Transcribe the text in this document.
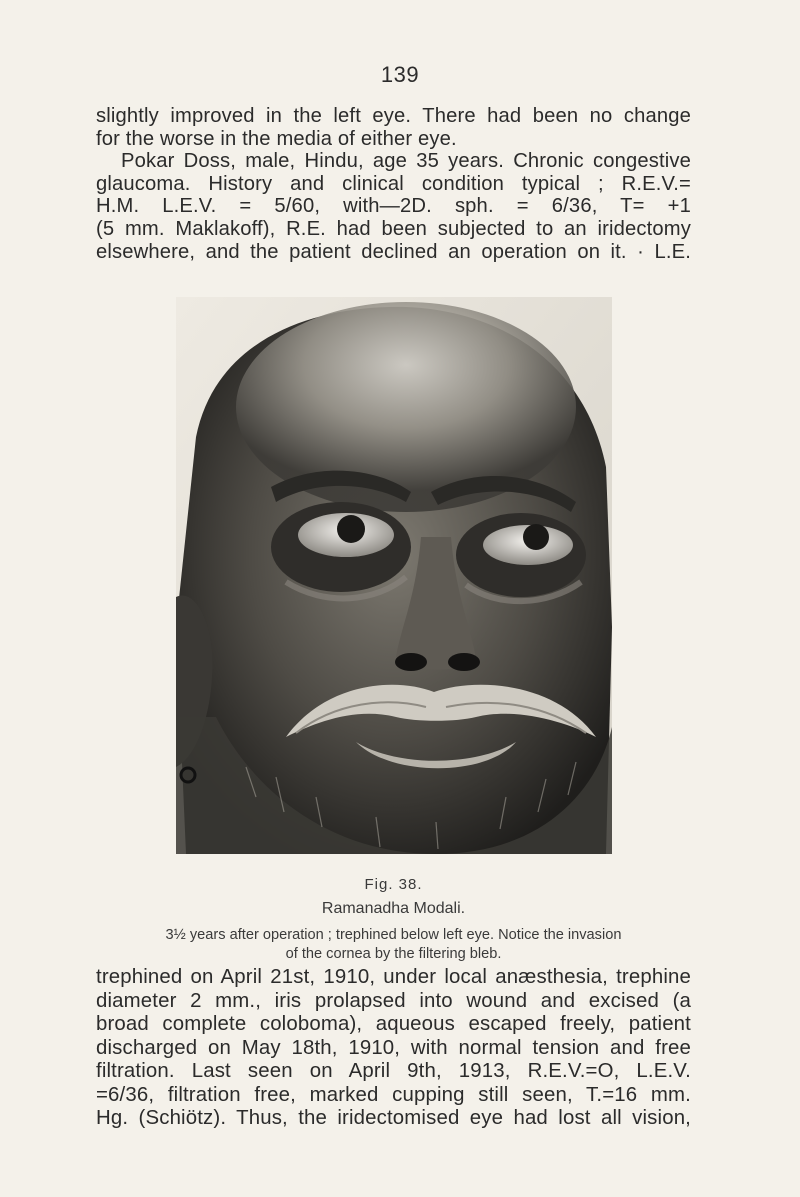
139

slightly improved in the left eye. There had been no change
for the worse in the media of either eye.
Pokar Doss, male, Hindu, age 35 years. Chronic congestive
glaucoma. History and clinical condition typical ; R.E.V.=
H.M. L.E.V. = 5/60, with—2D. sph. = 6/36, T= +1
(5 mm. Maklakoff), R.E. had been subjected to an iridectomy
elsewhere, and the patient declined an operation on it. · L.E.

Fig. 38.
Ramanadha Modali.
3½ years after operation ; trephined below left eye. Notice the invasion
of the cornea by the filtering bleb.

trephined on April 21st, 1910, under local anæsthesia, trephine
diameter 2 mm., iris prolapsed into wound and excised (a
broad complete coloboma), aqueous escaped freely, patient
discharged on May 18th, 1910, with normal tension and free
filtration. Last seen on April 9th, 1913, R.E.V.=O, L.E.V.
=6/36, filtration free, marked cupping still seen, T.=16 mm.
Hg. (Schiötz). Thus, the iridectomised eye had lost all vision,
